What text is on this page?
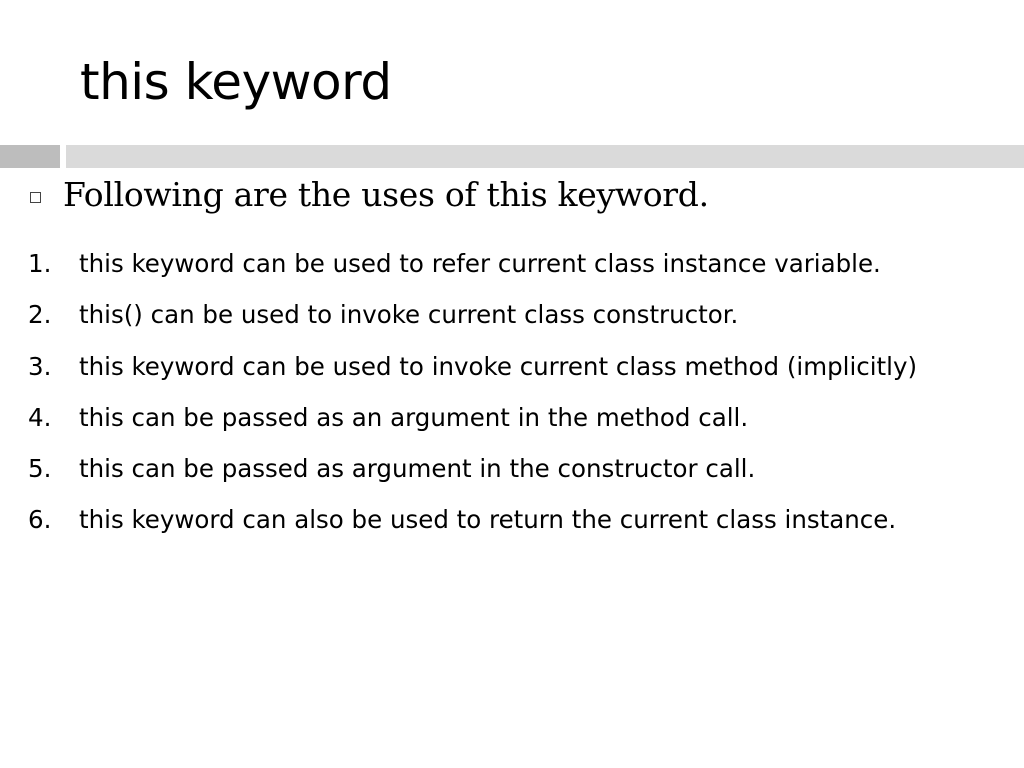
this keyword
Following are the uses of this keyword.
1.	this keyword can be used to refer current class instance variable.
2.	this() can be used to invoke current class constructor.
3.	this keyword can be used to invoke current class method (implicitly)
4.	this can be passed as an argument in the method call.
5.	this can be passed as argument in the constructor call.
6.	this keyword can also be used to return the current class instance.
